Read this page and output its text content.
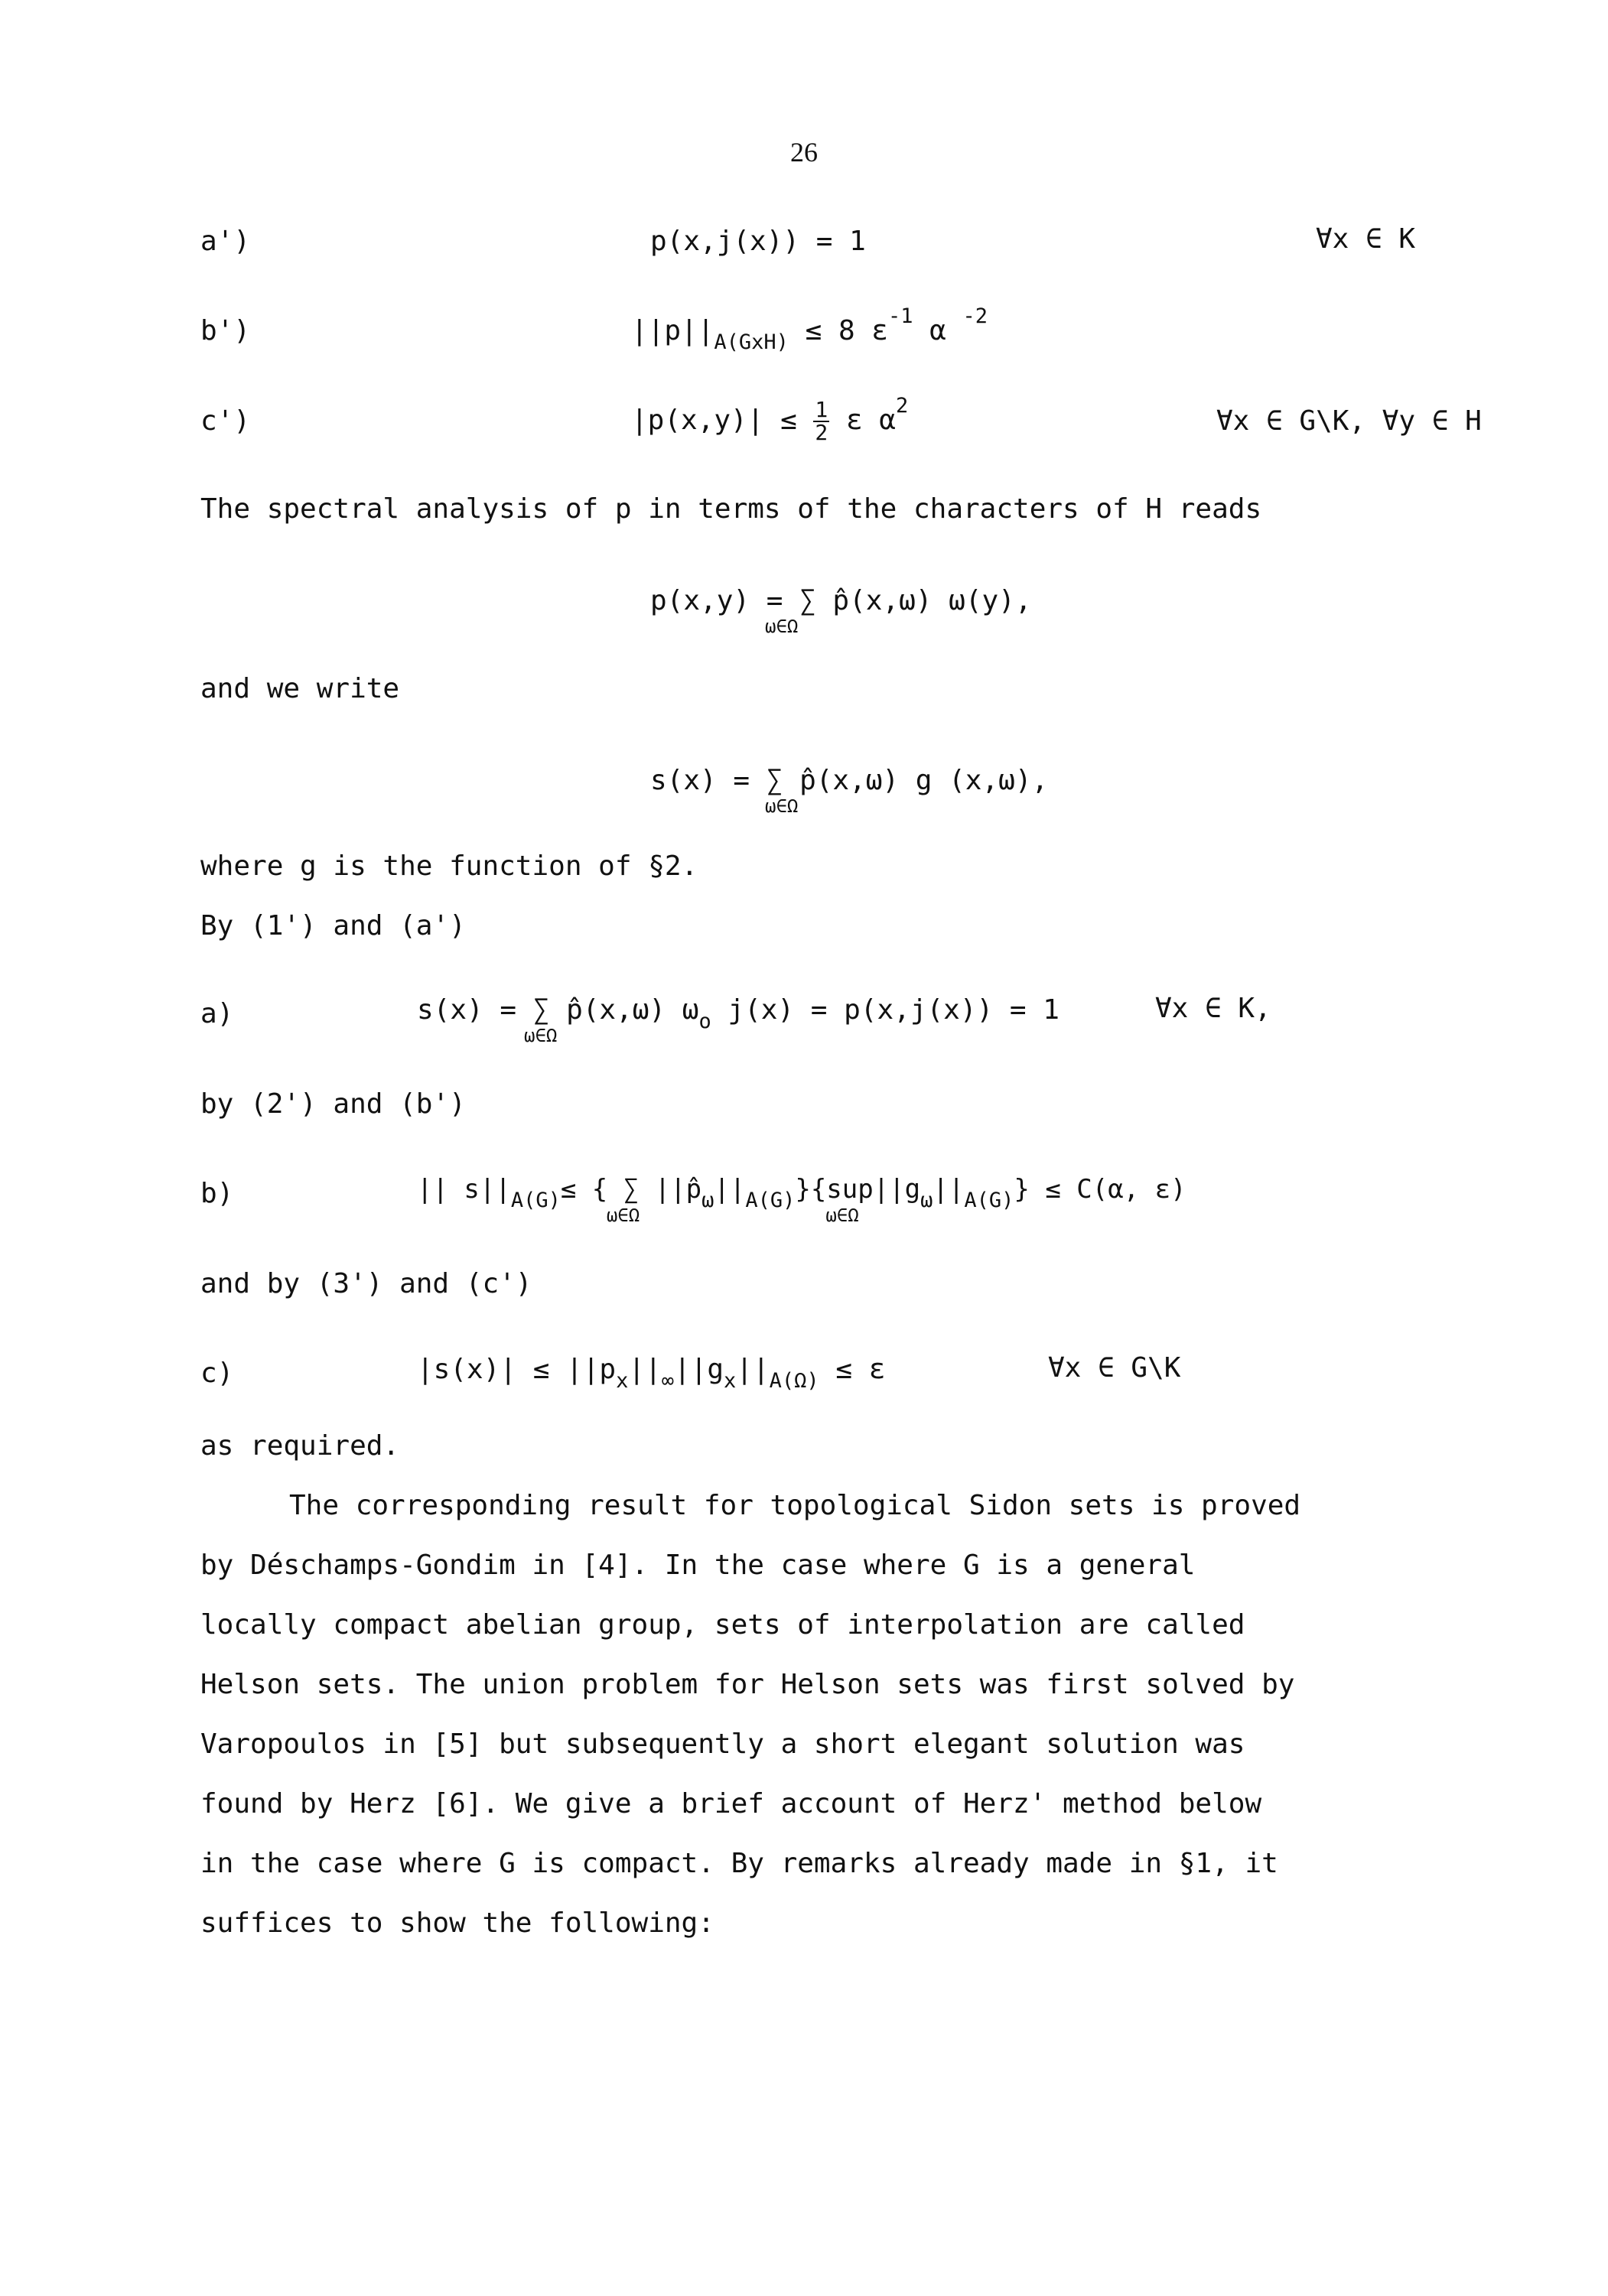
26
a')	p(x,j(x)) = 1	∀x ∈ K
b')	$||p||_{A(GxH)} \le 8$ $\varepsilon^{-1}$ α $^{-2}$
c')	$|p(x,y)| \le \frac{1}{2}$ ε $\alpha^2$	∀x ∈ G\K, ∀y ∈ H
The spectral analysis of p in terms of the characters of H reads
p(x,y) = ∑
ω∈Ω
p̂(x,ω) ω(y),
and we write
s(x) = ∑
ω∈Ω
p̂(x,ω) g (x,ω),
where g is the function of §2.
By (1') and (a')
a)	s(x) = ∑
ω∈Ω
p̂(x,ω) $\omega_o$ j(x) = p(x,j(x)) = 1	∀x ∈ K,
by (2') and (b')
b)	|| $s||_{A(G)}\le$ { ∑
ω∈Ω
$||p̂_\omega||_{A(G)}\}\{sup||g$
ω∈Ω
$_\omega||_{A(G)}\} \le C(\alpha$, ε)
and by (3') and (c')
c)	$|s(x)| \le ||p_x||_\infty||g_x||_{A(\Omega)} \le \varepsilon$	∀x ∈ G\K
as required.

The corresponding result for topological Sidon sets is proved

by Déschamps-Gondim in [4]. In the case where G is a general

locally compact abelian group, sets of interpolation are called

Helson sets. The union problem for Helson sets was first solved by

Varopoulos in [5] but subsequently a short elegant solution was

found by Herz [6]. We give a brief account of Herz' method below

in the case where G is compact. By remarks already made in §1, it

suffices to show the following:
